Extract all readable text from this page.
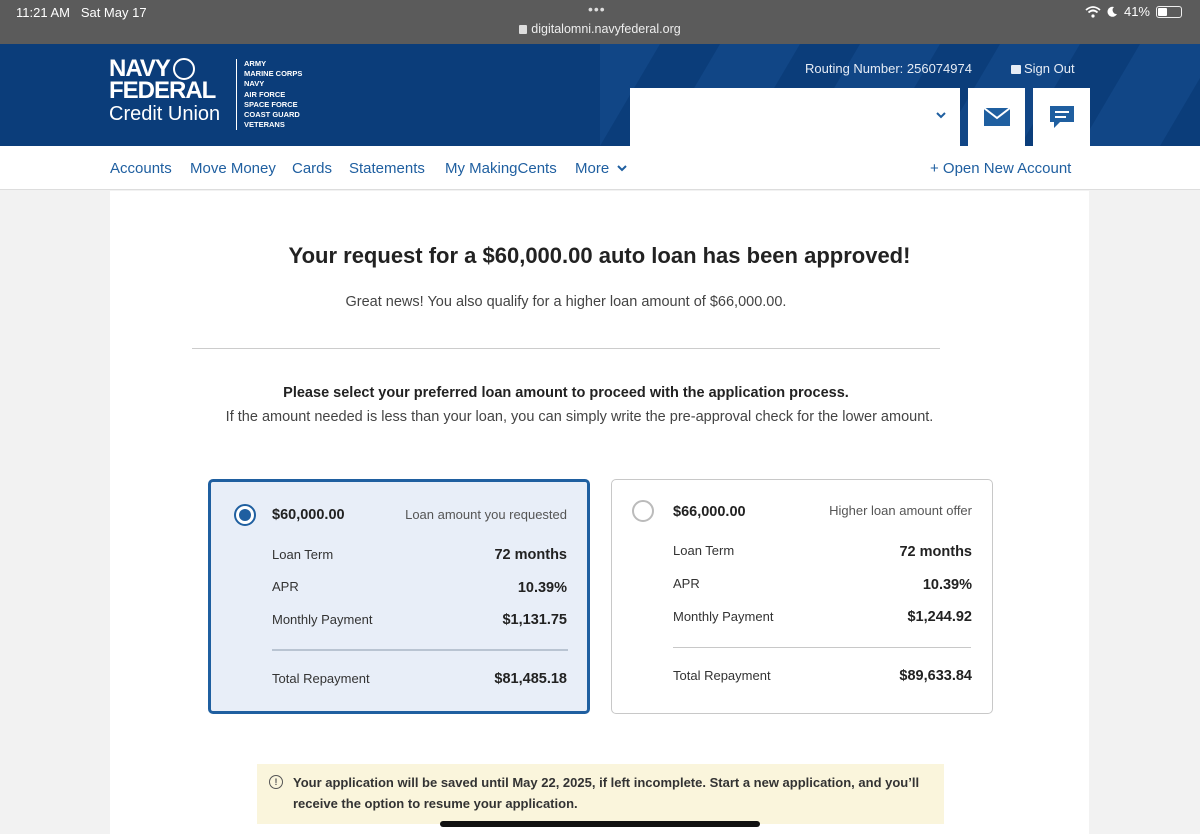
11:21 AM Sat May 17	•••
digitalomni.navyfederal.org
41%
NAVY
FEDERAL
Credit Union
ARMY
MARINE CORPS
NAVY
AIR FORCE
SPACE FORCE
COAST GUARD
VETERANS
Routing Number: 256074974	Sign Out
Accounts Move Money Cards Statements My MakingCents More	+ Open New Account
Your request for a $60,000.00 auto loan has been approved!
Great news! You also qualify for a higher loan amount of $66,000.00.
Please select your preferred loan amount to proceed with the application process.
If the amount needed is less than your loan, you can simply write the pre-approval check for the lower amount.
$60,000.00	Loan amount you requested
Loan Term	72 months
APR	10.39%
Monthly Payment	$1,131.75
Total Repayment	$81,485.18
$66,000.00	Higher loan amount offer
Loan Term	72 months
APR	10.39%
Monthly Payment	$1,244.92
Total Repayment	$89,633.84
!	Your application will be saved until May 22, 2025, if left incomplete. Start a new application, and you’ll receive the option to resume your application.
